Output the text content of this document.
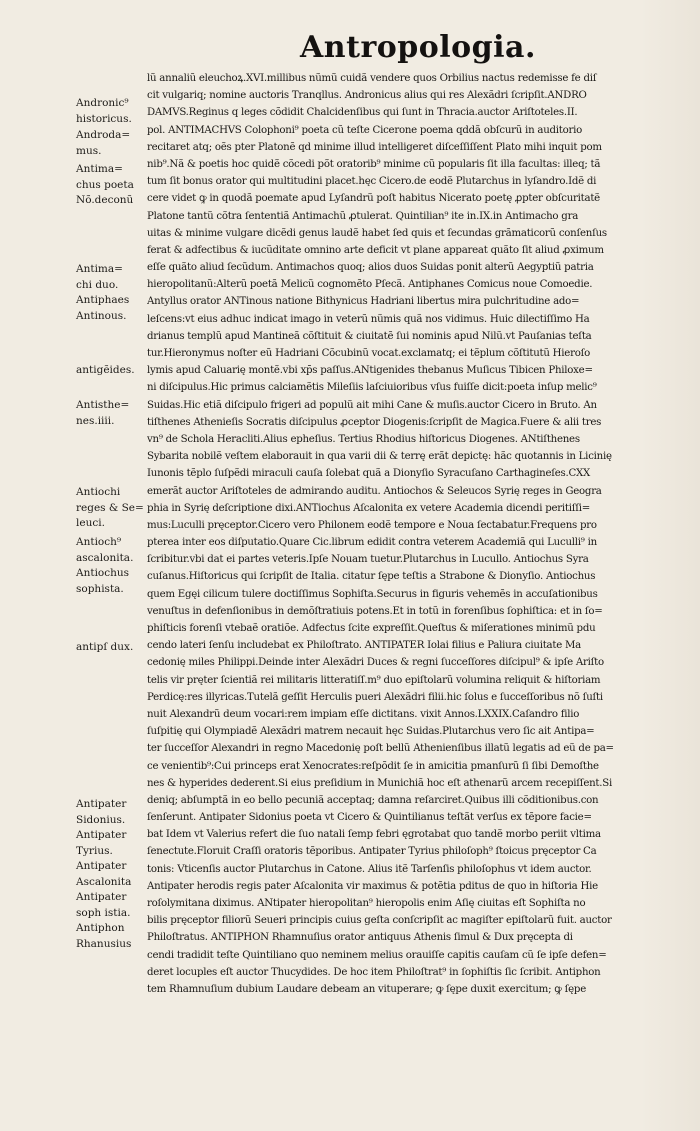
Antropologia.
Andronic⁹
historicus.
Androda=
mus.
Antima=
chus poeta
Nõ.deconũ
Antima=
chi duo.
Antiphaes
Antinous.
antigẽides.
Antisthe=
nes.iiii.
Antiochi
reges & Se=
leuci.
Antioch⁹
ascalonita.
Antiochus
sophista.
antipſ dux.
Antipater
Sidonius.
Antipater
Tyrius.
Antipater
Ascalonita
Antipater
soph istia.
Antiphon
Rhanusius
lũ annaliũ eleuchoꝝ.XVI.millibus nũmũ cuidã vendere quos Orbilius nactus redemisse fe diſ
cit vulgariq; nomine auctoris Tranqllus. Andronicus alius qui res Alexãdri ſcripſit.ANDRO
DAMVS.Reginus q leges cõdidit Chalcidenſibus qui ſunt in Thracia.auctor Ariſtoteles.II.
pol. ANTIMACHVS Colophoni⁹ poeta cũ teſte Cicerone poema qddã obſcurũ in auditorio
recitaret atq; oẽs pter Platonẽ qd minime illud intelligeret diſceſſiſſent Plato mihi inquit pom
nib⁹.Nã & poetis hoc quidẽ cõcedi põt oratorib⁹ minime cũ popularis ſit illa facultas: illeq; tã
tum ſit bonus orator qui multitudini placet.hęc Cicero.de eodẽ Plutarchus in lyſandro.Idẽ di
cere videt ꝙ in quodã poemate apud Lyſandrũ poſt habitus Nicerato poetę ꝓpter obſcuritatẽ
Platone tantũ cõtra ſententiã Antimachũ ꝓtulerat. Quintilian⁹ ite in.IX.in Antimacho gra
uitas & minime vulgare dicẽdi genus laudẽ habet ſed quis et ſecundas grãmaticorũ conſenſus
ferat & adfectibus & iucũditate omnino arte deficit vt plane appareat quãto ſit aliud ꝓximum
eſſe quãto aliud ſecũdum. Antimachos quoq; alios duos Suidas ponit alterũ Aegyptiũ patria
hieropolitanũ:Alterũ poetã Melicũ cognomẽto Pſecã. Antiphanes Comicus noue Comoedie.
Antyllus orator ANTinous natione Bithynicus Hadriani libertus mira pulchritudine ado=
leſcens:vt eius adhuc indicat imago in veterũ nũmis quã nos vidimus. Huic dilectiſſimo Ha
drianus templũ apud Mantineã cõſtituit & ciuitatẽ ſui nominis apud Nilũ.vt Pauſanias teſta
tur.Hieronymus noſter eũ Hadriani Cõcubinũ vocat.exclamatq; ei tẽplum cõſtitutũ Hieroſo
lymis apud Caluarię montẽ.vbi xp̄s paſſus.ANtigenides thebanus Muſicus Tibicen Philoxe=
ni diſcipulus.Hic primus calciamẽtis Mileſiis laſciuioribus vſus fuiſſe dicit:poeta inſup melic⁹
Suidas.Hic etiã diſcipulo frigeri ad populũ ait mihi Cane & muſis.auctor Cicero in Bruto. An
tiſthenes Athenieſis Socratis diſcipulus ꝓceptor Diogenis:ſcripſit de Magica.Fuere & alii tres
vn⁹ de Schola Heracliti.Alius epheſius. Tertius Rhodius hiſtoricus Diogenes. ANtiſthenes
Sybarita nobilẽ veſtem elaborauit in qua varii dii & terrę erãt depictę: hãc quotannis in Licinię
Iunonis tẽplo ſuſpẽdi miraculi cauſa ſolebat quã a Dionyſio Syracuſano Carthagineſes.CXX
emerãt auctor Ariſtoteles de admirando auditu. Antiochos & Seleucos Syrię reges in Geogra
phia in Syrię deſcriptione dixi.ANTiochus Aſcalonita ex vetere Academia dicendi peritiſſi=
mus:Luculli pręceptor.Cicero vero Philonem eodẽ tempore e Noua ſectabatur.Frequens pro
pterea inter eos diſputatio.Quare Cic.librum edidit contra veterem Academiã qui Luculli⁹ in
ſcribitur.vbi dat ei partes veteris.Ipſe Nouam tuetur.Plutarchus in Lucullo. Antiochus Syra
cuſanus.Hiſtoricus qui ſcripſit de Italia. citatur ſępe teſtis a Strabone & Dionyſio. Antiochus
quem Egęi cilicum tulere doctiſſimus Sophiſta.Securus in figuris vehemẽs in accuſationibus
venuſtus in defenſionibus in demõſtratiuis potens.Et in totũ in forenſibus ſophiſtica: et in ſo=
phiſticis forenſi vtebaẽ oratiõe. Adfectus ſcite expreſſit.Queſtus & miſerationes minimũ pdu
cendo lateri ſenſu includebat ex Philoſtrato. ANTIPATER Iolai filius e Paliura ciuitate Ma
cedonię miles Philippi.Deinde inter Alexãdri Duces & regni ſucceſſores diſcipul⁹ & ipſe Ariſto
telis vir pręter ſcientiã rei militaris litteratiſſ.m⁹ duo epiſtolarũ volumina reliquit & hiſtoriam
Perdicę:res illyricas.Tutelã geſſit Herculis pueri Alexãdri filii.hic ſolus e ſucceſſoribus nõ ſuſti
nuit Alexandrũ deum vocari:rem impiam eſſe dictitans. vixit Annos.LXXIX.Caſandro filio
ſuſpitię qui Olympiadẽ Alexãdri matrem necauit hęc Suidas.Plutarchus vero ſic ait Antipa=
ter ſucceſſor Alexandri in regno Macedonię poſt bellũ Athenienſibus illatũ legatis ad eũ de pa=
ce venientib⁹:Cui princeps erat Xenocrates:reſpõdit ſe in amicitia pmanſurũ ſi ſibi Demoſthe
nes & hyperides dederent.Si eius preſidium in Munichiã hoc eſt athenarũ arcem recepiſſent.Si
deniq; abſumptã in eo bello pecuniã acceptaq; damna reſarciret.Quibus illi cõditionibus.con
ſenſerunt. Antipater Sidonius poeta vt Cicero & Quintilianus teſtãt verſus ex tẽpore facie=
bat Idem vt Valerius refert die ſuo natali ſemp febri ęgrotabat quo tandẽ morbo periit vltima
ſenectute.Floruit Craſſi oratoris tẽporibus. Antipater Tyrius philoſoph⁹ ſtoicus pręceptor Ca
tonis: Vticenſis auctor Plutarchus in Catone. Alius itẽ Tarſenſis philoſophus vt idem auctor.
Antipater herodis regis pater Aſcalonita vir maximus & potẽtia pditus de quo in hiſtoria Hie
roſolymitana diximus. ANtipater hieropolitan⁹ hieropolis enim Aſię ciuitas eſt Sophiſta no
bilis pręceptor filiorũ Seueri principis cuius geſta conſcripſit ac magiſter epiſtolarũ fuit. auctor
Philoſtratus. ANTIPHON Rhamnuſius orator antiquus Athenis ſimul & Dux pręcepta di
cendi tradidit teſte Quintiliano quo neminem melius orauiſſe capitis cauſam cũ ſe ipſe defen=
deret locuples eſt auctor Thucydides. De hoc item Philoſtrat⁹ in ſophiſtis ſic ſcribit. Antiphon
tem Rhamnuſium dubium Laudare debeam an vituperare; ꝙ ſępe duxit exercitum; ꝙ ſępe
